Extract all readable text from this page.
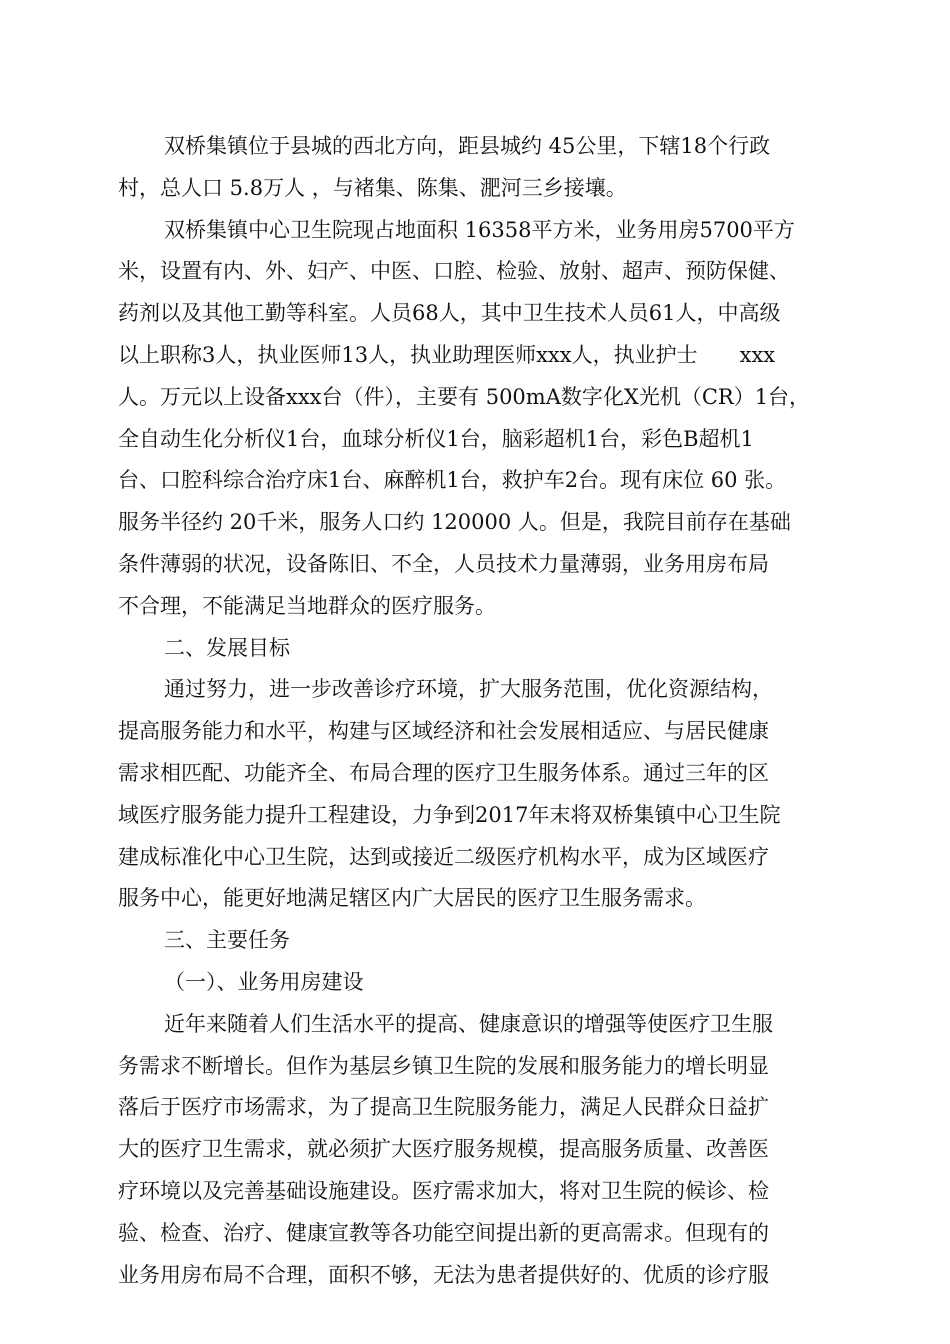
双桥集镇位于县城的西北方向，距县城约 45公里，下辖18个行政
村，总人口 5.8万人 ，与褚集、陈集、淝河三乡接壤。
双桥集镇中心卫生院现占地面积 16358平方米，业务用房5700平方
米，设置有内、外、妇产、中医、口腔、检验、放射、超声、预防保健、
药剂以及其他工勤等科室。人员68人，其中卫生技术人员61人，中高级
以上职称3人，执业医师13人，执业助理医师xxx人，执业护士　　xxx
人。万元以上设备xxx台（件），主要有 500mA数字化X光机（CR）1台，
全自动生化分析仪1台，血球分析仪1台，脑彩超机1台，彩色B超机1
台、口腔科综合治疗床1台、麻醉机1台，救护车2台。现有床位 60 张。
服务半径约 20千米，服务人口约 120000 人。但是，我院目前存在基础
条件薄弱的状况，设备陈旧、不全，人员技术力量薄弱，业务用房布局
不合理，不能满足当地群众的医疗服务。
二、发展目标
通过努力，进一步改善诊疗环境，扩大服务范围，优化资源结构，
提高服务能力和水平，构建与区域经济和社会发展相适应、与居民健康
需求相匹配、功能齐全、布局合理的医疗卫生服务体系。通过三年的区
域医疗服务能力提升工程建设，力争到2017年末将双桥集镇中心卫生院
建成标准化中心卫生院，达到或接近二级医疗机构水平，成为区域医疗
服务中心，能更好地满足辖区内广大居民的医疗卫生服务需求。
三、主要任务
（一）、业务用房建设
近年来随着人们生活水平的提高、健康意识的增强等使医疗卫生服
务需求不断增长。但作为基层乡镇卫生院的发展和服务能力的增长明显
落后于医疗市场需求，为了提高卫生院服务能力，满足人民群众日益扩
大的医疗卫生需求，就必须扩大医疗服务规模，提高服务质量、改善医
疗环境以及完善基础设施建设。医疗需求加大，将对卫生院的候诊、检
验、检查、治疗、健康宣教等各功能空间提出新的更高需求。但现有的
业务用房布局不合理，面积不够，无法为患者提供好的、优质的诊疗服
